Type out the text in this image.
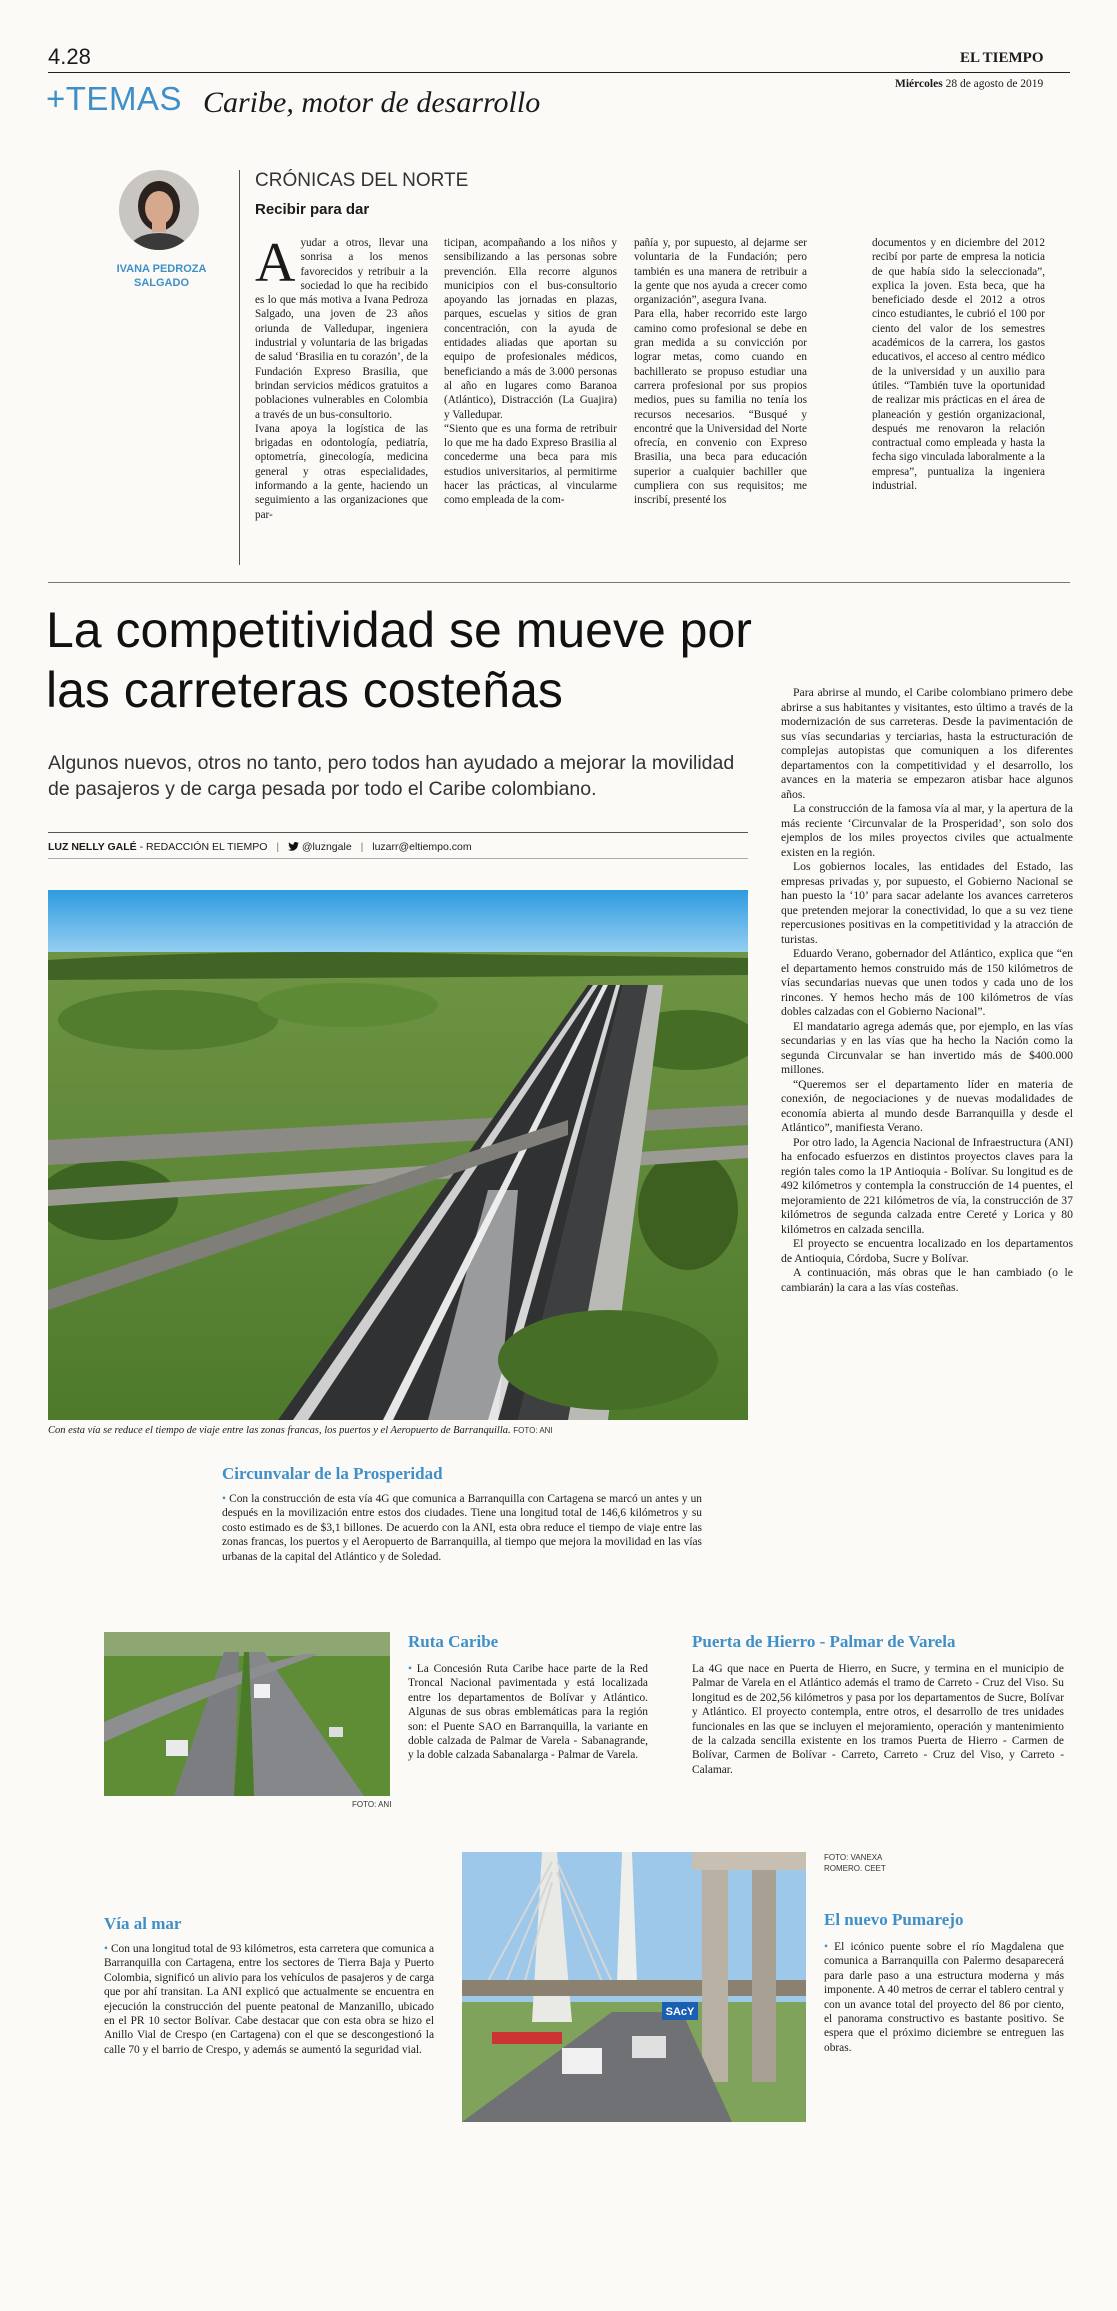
4.28	EL TIEMPO
+TEMAS Caribe, motor de desarrollo
Miércoles 28 de agosto de 2019
IVANA PEDROZA SALGADO
CRÓNICAS DEL NORTE
Recibir para dar
A yudar a otros, llevar una sonrisa a los menos favorecidos y retribuir a la sociedad lo que ha recibido es lo que más motiva a Ivana Pedroza Salgado, una joven de 23 años oriunda de Valledupar, ingeniera industrial y voluntaria de las brigadas de salud ‘Brasilia en tu corazón’, de la Fundación Expreso Brasilia, que brindan servicios médicos gratuitos a poblaciones vulnerables en Colombia a través de un bus-consultorio.

Ivana apoya la logística de las brigadas en odontología, pediatría, optometría, ginecología, medicina general y otras especialidades, informando a la gente, haciendo un seguimiento a las organizaciones que par-

ticipan, acompañando a los niños y sensibilizando a las personas sobre prevención. Ella recorre algunos municipios con el bus-consultorio apoyando las jornadas en plazas, parques, escuelas y sitios de gran concentración, con la ayuda de entidades aliadas que aportan su equipo de profesionales médicos, beneficiando a más de 3.000 personas al año en lugares como Baranoa (Atlántico), Distracción (La Guajira) y Valledupar.

“Siento que es una forma de retribuir lo que me ha dado Expreso Brasilia al concederme una beca para mis estudios universitarios, al permitirme hacer las prácticas, al vincularme como empleada de la com-

pañía y, por supuesto, al dejarme ser voluntaria de la Fundación; pero también es una manera de retribuir a la gente que nos ayuda a crecer como organización”, asegura Ivana.

Para ella, haber recorrido este largo camino como profesional se debe en gran medida a su convicción por lograr metas, como cuando en bachillerato se propuso estudiar una carrera profesional por sus propios medios, pues su familia no tenía los recursos necesarios. “Busqué y encontré que la Universidad del Norte ofrecía, en convenio con Expreso Brasilia, una beca para educación superior a cualquier bachiller que cumpliera con sus requisitos; me inscribí, presenté los

documentos y en diciembre del 2012 recibí por parte de empresa la noticia de que había sido la seleccionada”, explica la joven. Esta beca, que ha beneficiado desde el 2012 a otros cinco estudiantes, le cubrió el 100 por ciento del valor de los semestres académicos de la carrera, los gastos educativos, el acceso al centro médico de la universidad y un auxilio para útiles. “También tuve la oportunidad de realizar mis prácticas en el área de planeación y gestión organizacional, después me renovaron la relación contractual como empleada y hasta la fecha sigo vinculada laboralmente a la empresa”, puntualiza la ingeniera industrial.

La competitividad se mueve por las carreteras costeñas
Algunos nuevos, otros no tanto, pero todos han ayudado a mejorar la movilidad de pasajeros y de carga pesada por todo el Caribe colombiano.
LUZ NELLY GALÉ - REDACCIÓN EL TIEMPO | @luzngale | luzarr@eltiempo.com
Con esta vía se reduce el tiempo de viaje entre las zonas francas, los puertos y el Aeropuerto de Barranquilla. FOTO: ANI

Para abrirse al mundo, el Caribe colombiano primero debe abrirse a sus habitantes y visitantes, esto último a través de la modernización de sus carreteras. Desde la pavimentación de sus vías secundarias y terciarias, hasta la estructuración de complejas autopistas que comuniquen a los diferentes departamentos con la competitividad y el desarrollo, los avances en la materia se empezaron atisbar hace algunos años.

La construcción de la famosa vía al mar, y la apertura de la más reciente ‘Circunvalar de la Prosperidad’, son solo dos ejemplos de los miles proyectos civiles que actualmente existen en la región.

Los gobiernos locales, las entidades del Estado, las empresas privadas y, por supuesto, el Gobierno Nacional se han puesto la ‘10’ para sacar adelante los avances carreteros que pretenden mejorar la conectividad, lo que a su vez tiene repercusiones positivas en la competitividad y la atracción de turistas.

Eduardo Verano, gobernador del Atlántico, explica que “en el departamento hemos construido más de 150 kilómetros de vías secundarias nuevas que unen todos y cada uno de los rincones. Y hemos hecho más de 100 kilómetros de vías dobles calzadas con el Gobierno Nacional”.

El mandatario agrega además que, por ejemplo, en las vías secundarias y en las vías que ha hecho la Nación como la segunda Circunvalar se han invertido más de $400.000 millones.

“Queremos ser el departamento líder en materia de conexión, de negociaciones y de nuevas modalidades de economía abierta al mundo desde Barranquilla y desde el Atlántico”, manifiesta Verano.

Por otro lado, la Agencia Nacional de Infraestructura (ANI) ha enfocado esfuerzos en distintos proyectos claves para la región tales como la 1P Antioquia - Bolívar. Su longitud es de 492 kilómetros y contempla la construcción de 14 puentes, el mejoramiento de 221 kilómetros de vía, la construcción de 37 kilómetros de segunda calzada entre Cereté y Lorica y 80 kilómetros en calzada sencilla.

El proyecto se encuentra localizado en los departamentos de Antioquia, Córdoba, Sucre y Bolívar.

A continuación, más obras que le han cambiado (o le cambiarán) la cara a las vías costeñas.

Circunvalar de la Prosperidad
• Con la construcción de esta vía 4G que comunica a Barranquilla con Cartagena se marcó un antes y un después en la movilización entre estos dos ciudades. Tiene una longitud total de 146,6 kilómetros y su costo estimado es de $3,1 billones. De acuerdo con la ANI, esta obra reduce el tiempo de viaje entre las zonas francas, los puertos y el Aeropuerto de Barranquilla, al tiempo que mejora la movilidad en las vías urbanas de la capital del Atlántico y de Soledad.
FOTO: ANI
Ruta Caribe
• La Concesión Ruta Caribe hace parte de la Red Troncal Nacional pavimentada y está localizada entre los departamentos de Bolívar y Atlántico. Algunas de sus obras emblemáticas para la región son: el Puente SAO en Barranquilla, la variante en doble calzada de Palmar de Varela - Sabanagrande, y la doble calzada Sabanalarga - Palmar de Varela.
Puerta de Hierro - Palmar de Varela
La 4G que nace en Puerta de Hierro, en Sucre, y termina en el municipio de Palmar de Varela en el Atlántico además el tramo de Carreto - Cruz del Viso. Su longitud es de 202,56 kilómetros y pasa por los departamentos de Sucre, Bolívar y Atlántico. El proyecto contempla, entre otros, el desarrollo de tres unidades funcionales en las que se incluyen el mejoramiento, operación y mantenimiento de la calzada sencilla existente en los tramos Puerta de Hierro - Carmen de Bolívar, Carmen de Bolívar - Carreto, Carreto - Cruz del Viso, y Carreto - Calamar.
Vía al mar
• Con una longitud total de 93 kilómetros, esta carretera que comunica a Barranquilla con Cartagena, entre los sectores de Tierra Baja y Puerto Colombia, significó un alivio para los vehículos de pasajeros y de carga que por ahí transitan. La ANI explicó que actualmente se encuentra en ejecución la construcción del puente peatonal de Manzanillo, ubicado en el PR 10 sector Bolívar. Cabe destacar que con esta obra se hizo el Anillo Vial de Crespo (en Cartagena) con el que se descongestionó la calle 70 y el barrio de Crespo, y además se aumentó la seguridad vial.
SAcY
FOTO: VANEXA ROMERO. CEET
El nuevo Pumarejo
• El icónico puente sobre el río Magdalena que comunica a Barranquilla con Palermo desaparecerá para darle paso a una estructura moderna y más imponente. A 40 metros de cerrar el tablero central y con un avance total del proyecto del 86 por ciento, el panorama constructivo es bastante positivo. Se espera que el próximo diciembre se entreguen las obras.
